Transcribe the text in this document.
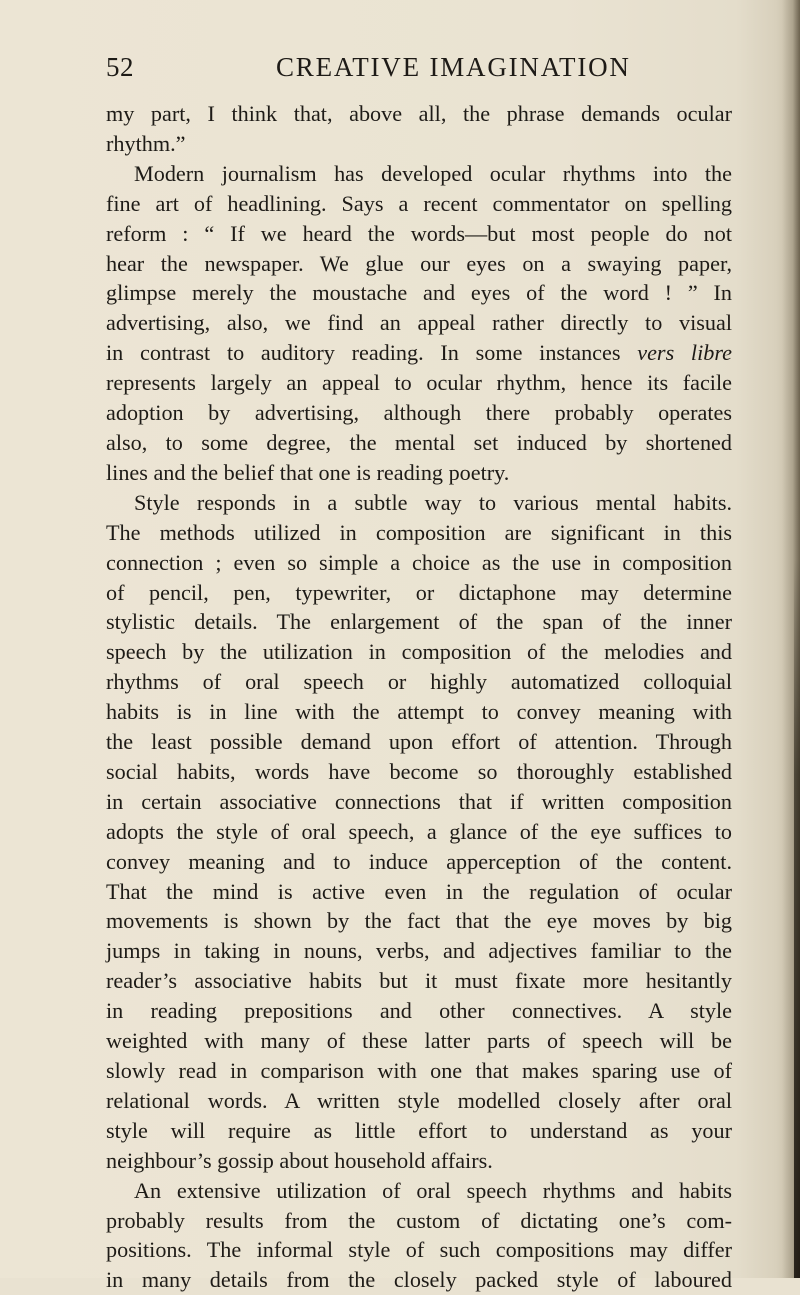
52	CREATIVE IMAGINATION
my part, I think that, above all, the phrase demands ocular
rhythm.”
Modern journalism has developed ocular rhythms into the
fine art of headlining. Says a recent commentator on spelling
reform : “ If we heard the words—but most people do not
hear the newspaper. We glue our eyes on a swaying paper,
glimpse merely the moustache and eyes of the word ! ” In
advertising, also, we find an appeal rather directly to visual
in contrast to auditory reading. In some instances vers libre
represents largely an appeal to ocular rhythm, hence its facile
adoption by advertising, although there probably operates
also, to some degree, the mental set induced by shortened
lines and the belief that one is reading poetry.
Style responds in a subtle way to various mental habits.
The methods utilized in composition are significant in this
connection ; even so simple a choice as the use in composition
of pencil, pen, typewriter, or dictaphone may determine
stylistic details. The enlargement of the span of the inner
speech by the utilization in composition of the melodies and
rhythms of oral speech or highly automatized colloquial
habits is in line with the attempt to convey meaning with
the least possible demand upon effort of attention. Through
social habits, words have become so thoroughly established
in certain associative connections that if written composition
adopts the style of oral speech, a glance of the eye suffices to
convey meaning and to induce apperception of the content.
That the mind is active even in the regulation of ocular
movements is shown by the fact that the eye moves by big
jumps in taking in nouns, verbs, and adjectives familiar to the
reader’s associative habits but it must fixate more hesitantly
in reading prepositions and other connectives. A style
weighted with many of these latter parts of speech will be
slowly read in comparison with one that makes sparing use of
relational words. A written style modelled closely after oral
style will require as little effort to understand as your
neighbour’s gossip about household affairs.
An extensive utilization of oral speech rhythms and habits
probably results from the custom of dictating one’s com-
positions. The informal style of such compositions may differ
in many details from the closely packed style of laboured
